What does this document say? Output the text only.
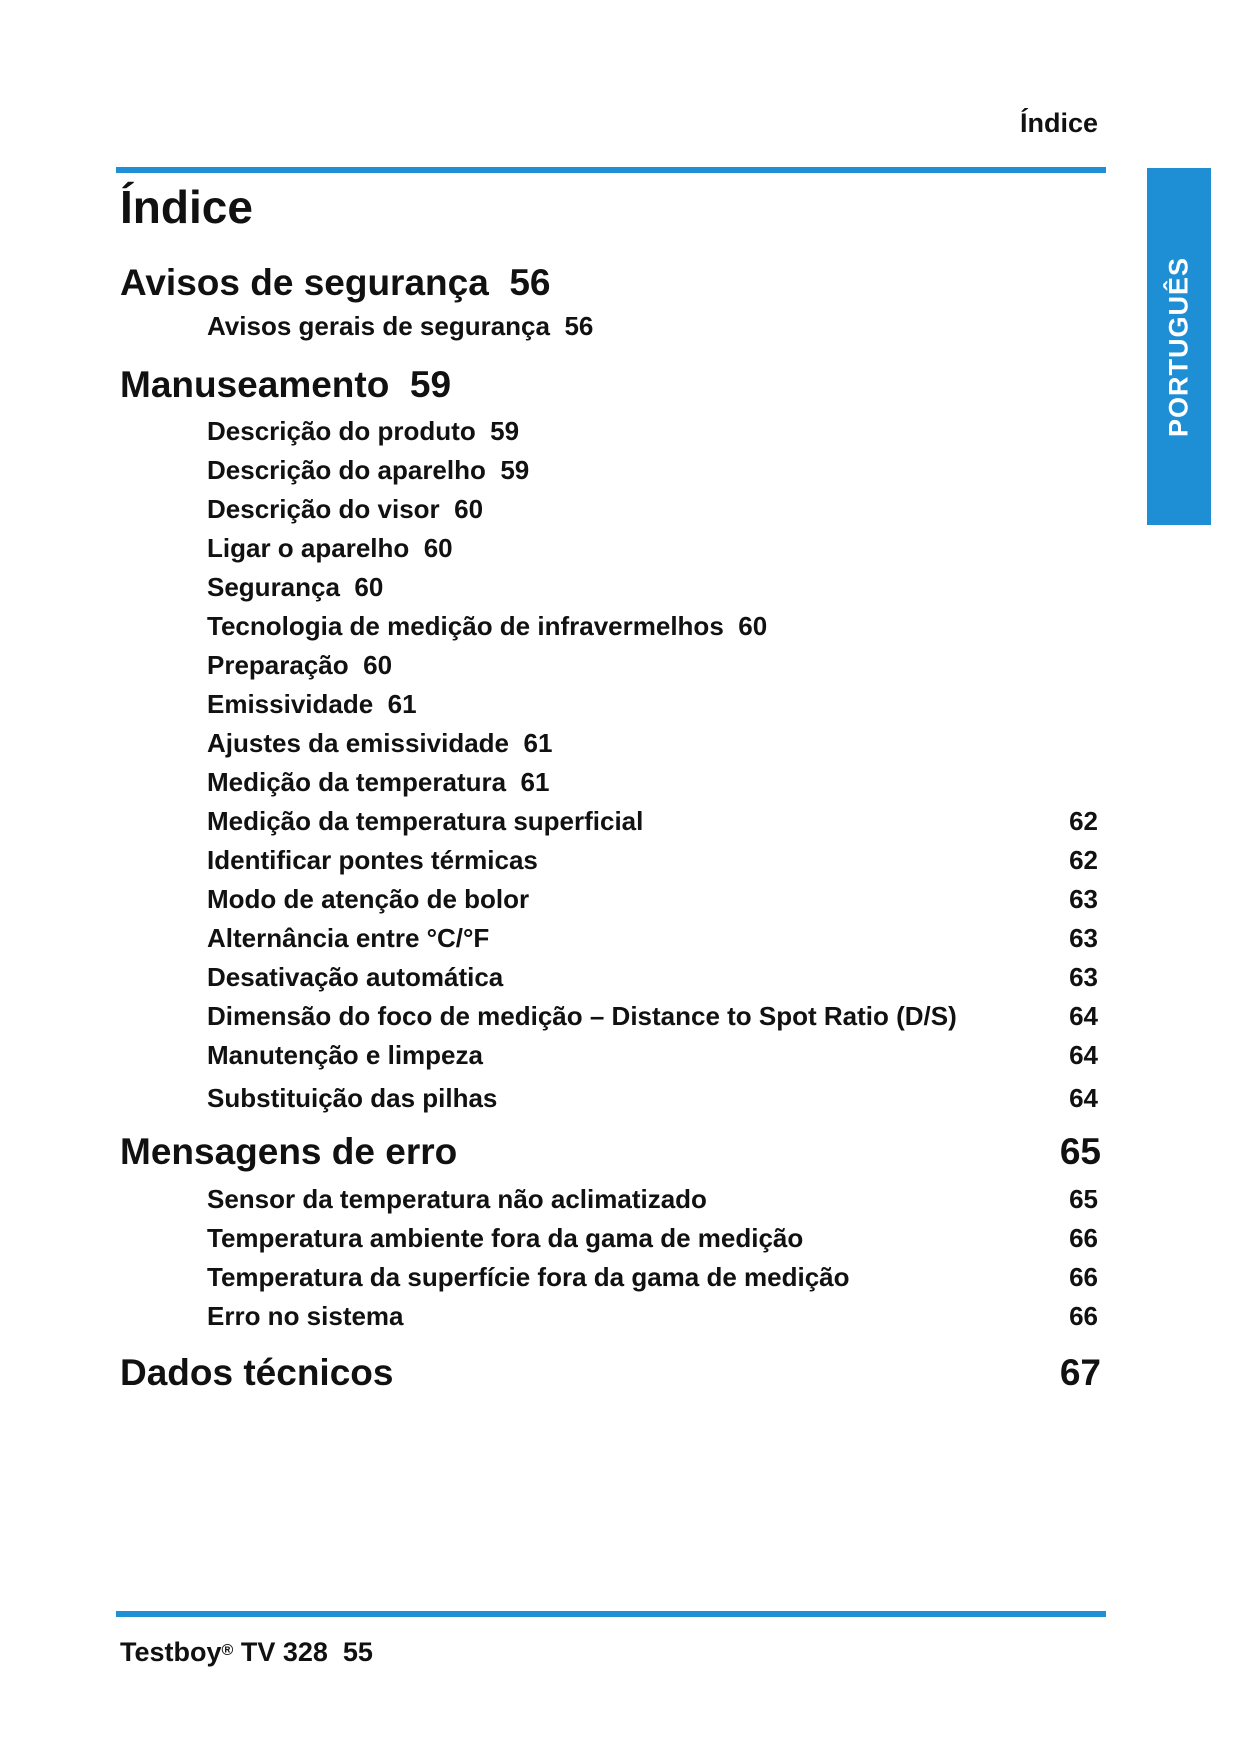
Índice
PORTUGUÊS
Índice
Avisos de segurança 56
Avisos gerais de segurança 56
Manuseamento 59
Descrição do produto 59
Descrição do aparelho 59
Descrição do visor 60
Ligar o aparelho 60
Segurança 60
Tecnologia de medição de infravermelhos 60
Preparação 60
Emissividade 61
Ajustes da emissividade 61
Medição da temperatura 61
Medição da temperatura superficial	62
Identificar pontes térmicas	62
Modo de atenção de bolor	63
Alternância entre °C/°F	63
Desativação automática	63
Dimensão do foco de medição – Distance to Spot Ratio (D/S)	64
Manutenção e limpeza	64
Substituição das pilhas	64
Mensagens de erro	65
Sensor da temperatura não aclimatizado	65
Temperatura ambiente fora da gama de medição	66
Temperatura da superfície fora da gama de medição	66
Erro no sistema	66
Dados técnicos	67
Testboy® TV 328  55
